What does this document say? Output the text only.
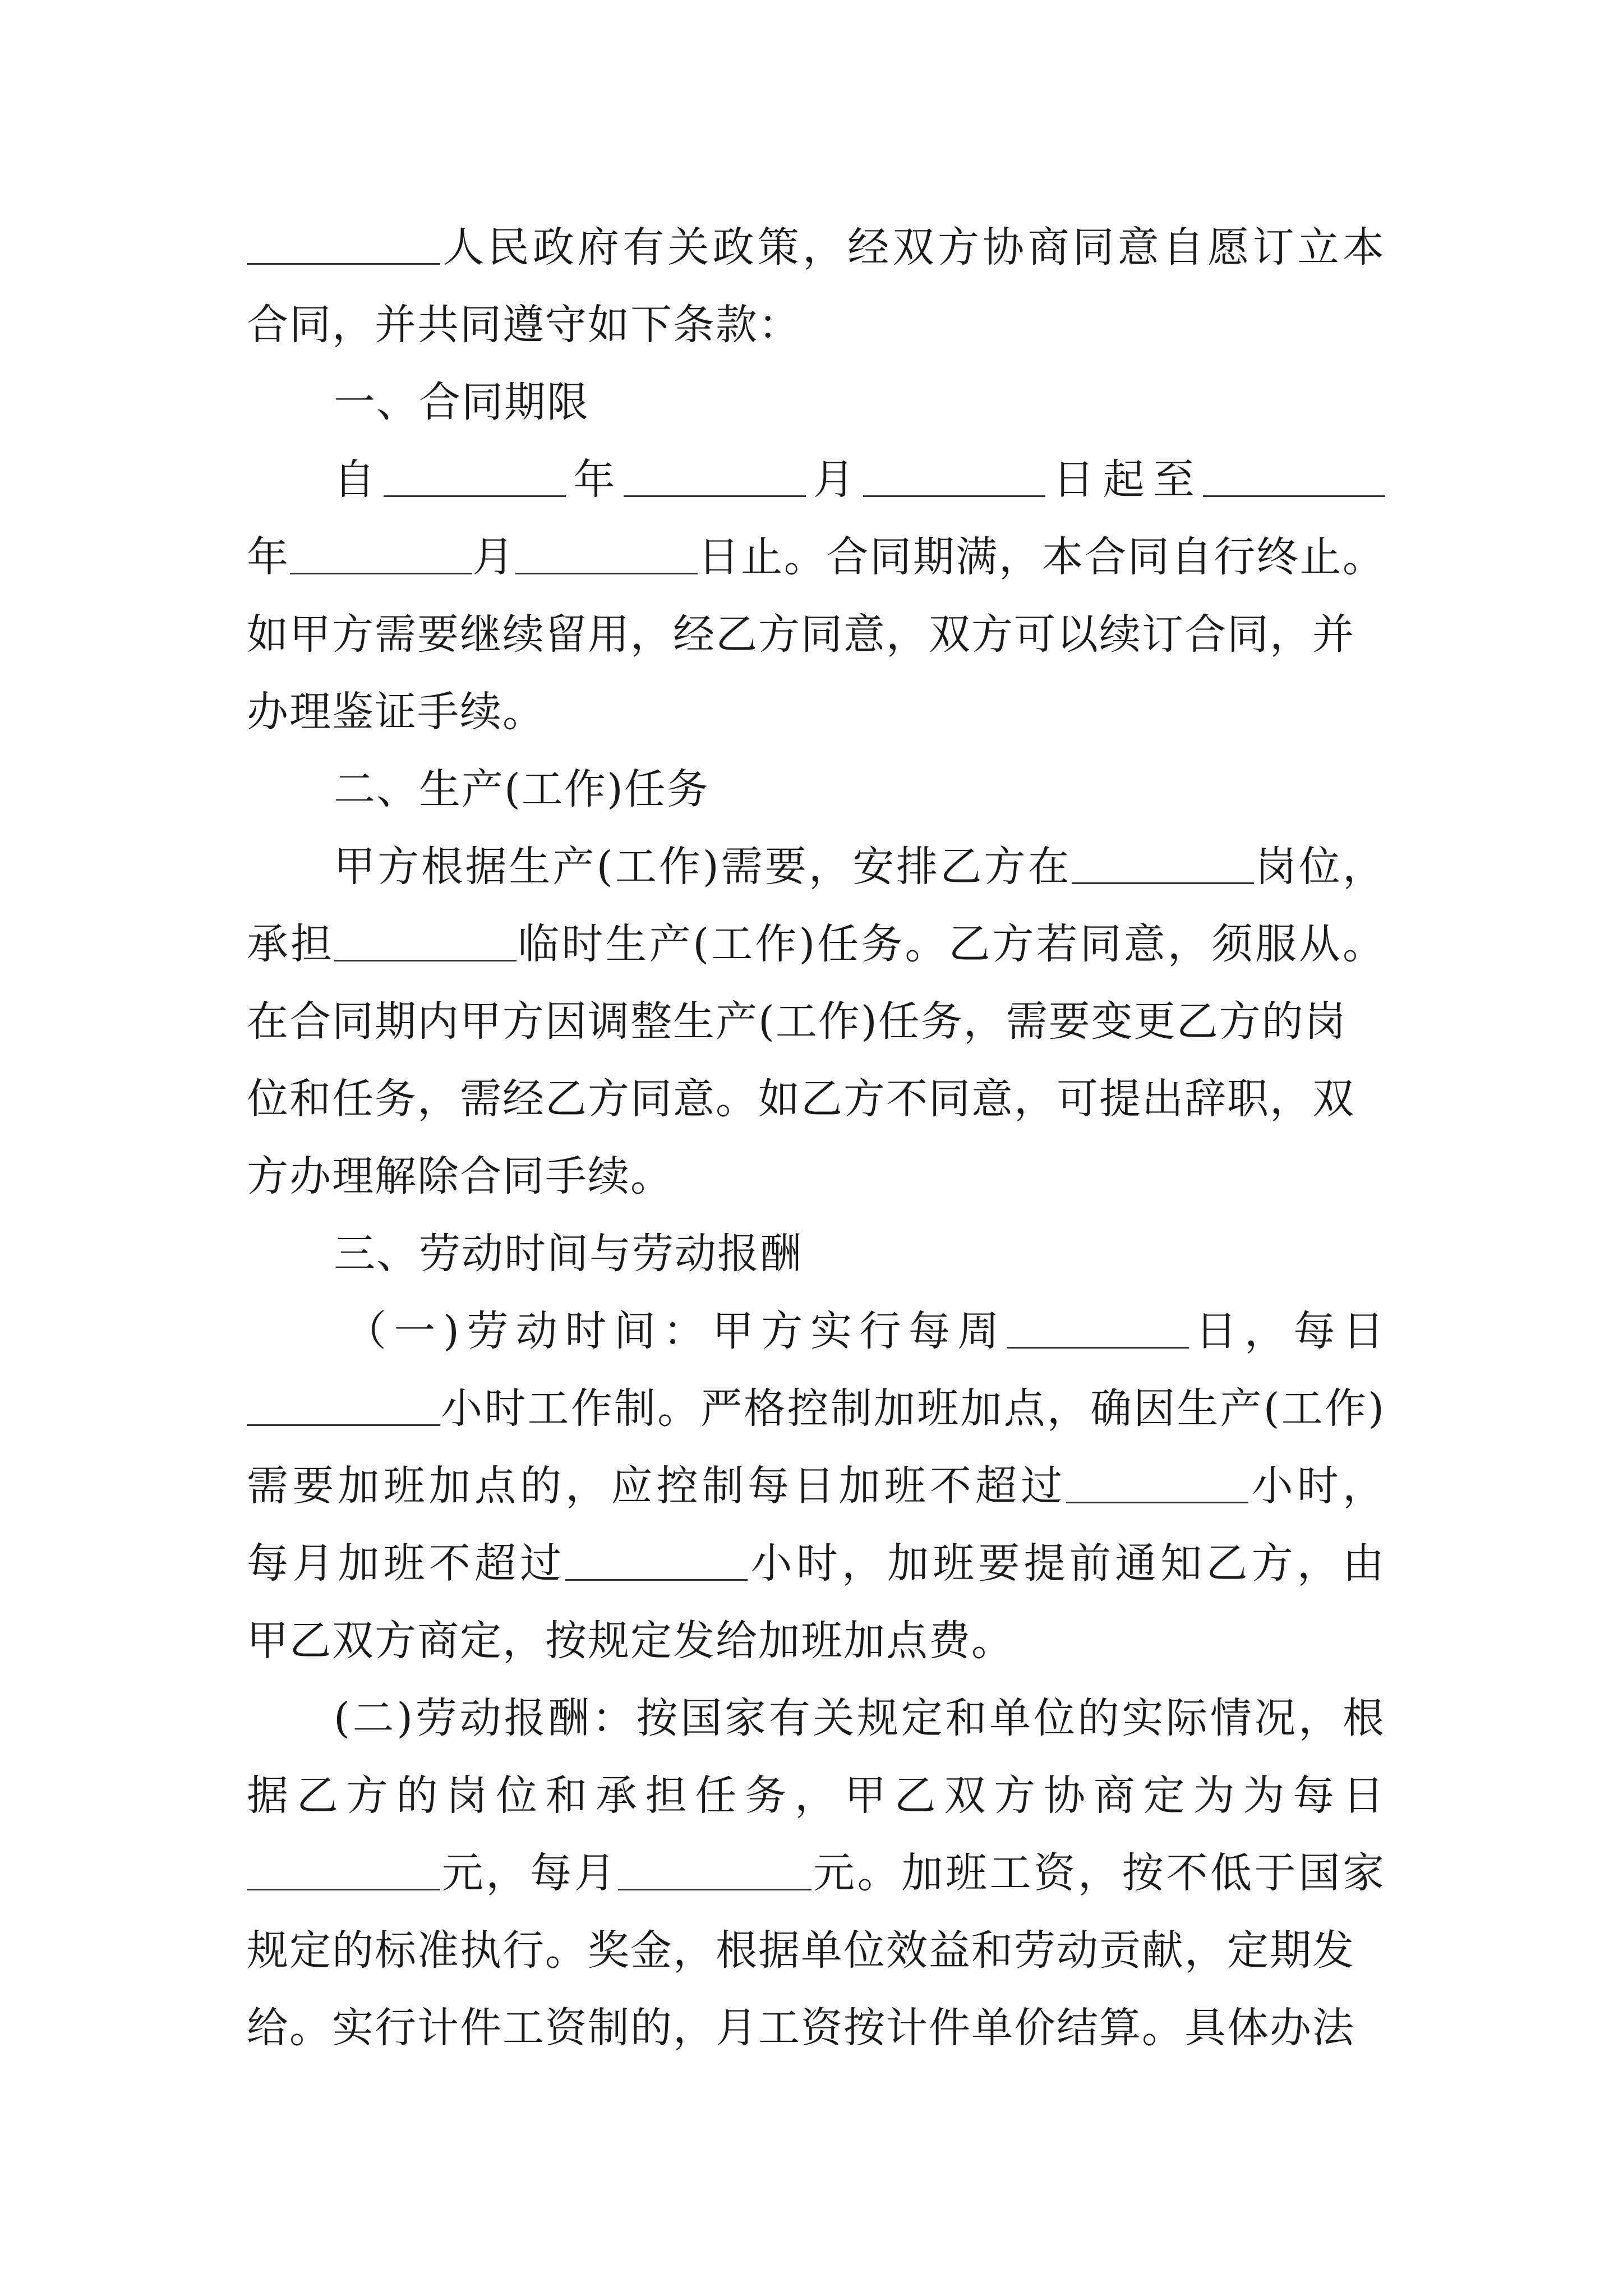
人民政府有关政策，经双方协商同意自愿订立本
合同，并共同遵守如下条款：
一、合同期限
自	年	月	日起至
年	月	日止。合同期满，本合同自行终止。
如甲方需要继续留用，经乙方同意，双方可以续订合同，并
办理鉴证手续。
二、生产(工作)任务
甲方根据生产(工作)需要，安排乙方在	岗位，
承担	临时生产(工作)任务。乙方若同意，须服从。
在合同期内甲方因调整生产(工作)任务，需要变更乙方的岗
位和任务，需经乙方同意。如乙方不同意，可提出辞职，双
方办理解除合同手续。
三、劳动时间与劳动报酬
（一)劳动时间：甲方实行每周	日，每日
小时工作制。严格控制加班加点，确因生产(工作)
需要加班加点的，应控制每日加班不超过	小时，
每月加班不超过	小时，加班要提前通知乙方，由
甲乙双方商定，按规定发给加班加点费。
(二)劳动报酬：按国家有关规定和单位的实际情况，根
据乙方的岗位和承担任务，甲乙双方协商定为为每日
元，每月	元。加班工资，按不低于国家
规定的标准执行。奖金，根据单位效益和劳动贡献，定期发
给。实行计件工资制的，月工资按计件单价结算。具体办法
